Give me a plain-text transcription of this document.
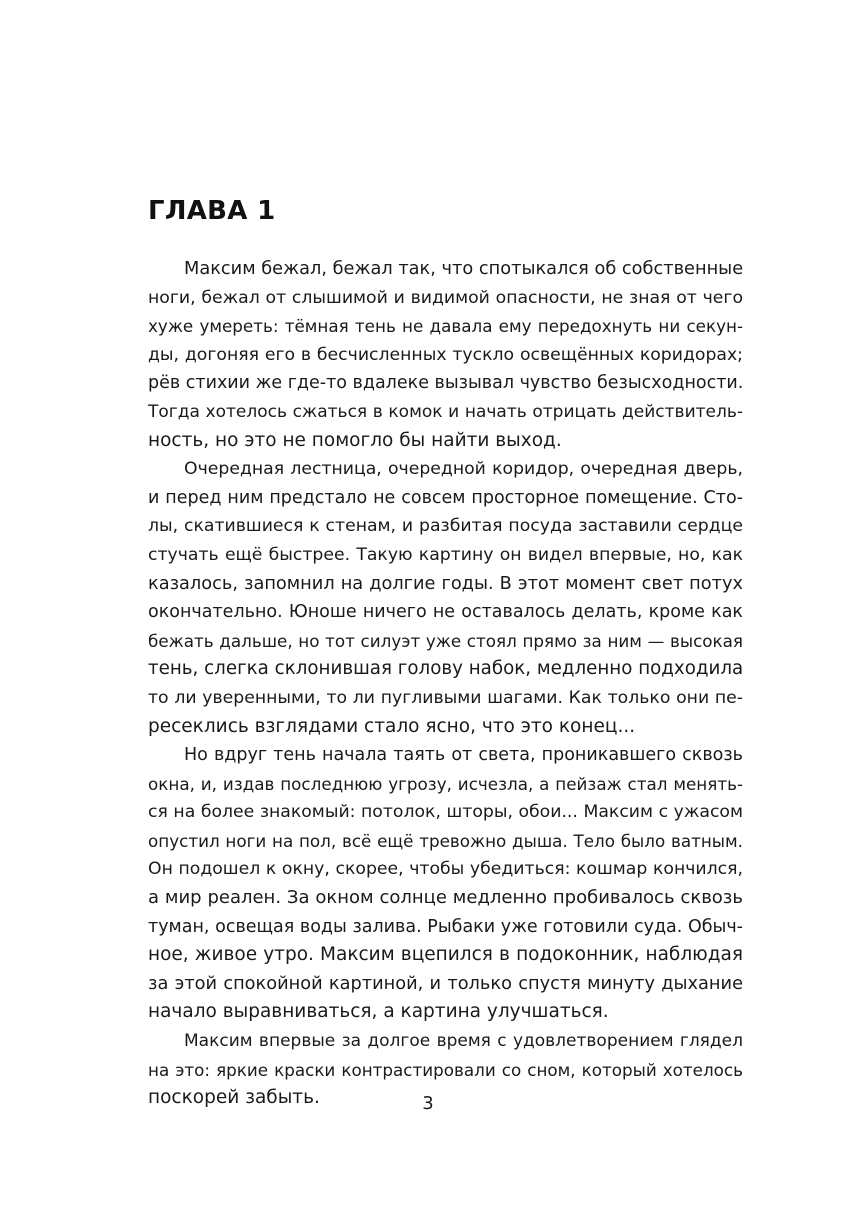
ГЛАВА 1
Максим бежал, бежал так, что спотыкался об собственные
ноги, бежал от слышимой и видимой опасности, не зная от чего
хуже умереть: тёмная тень не давала ему передохнуть ни секун-
ды, догоняя его в бесчисленных тускло освещённых коридорах;
рёв стихии же где-то вдалеке вызывал чувство безысходности.
Тогда хотелось сжаться в комок и начать отрицать действитель-
ность, но это не помогло бы найти выход.
Очередная лестница, очередной коридор, очередная дверь,
и перед ним предстало не совсем просторное помещение. Сто-
лы, скатившиеся к стенам, и разбитая посуда заставили сердце
стучать ещё быстрее. Такую картину он видел впервые, но, как
казалось, запомнил на долгие годы. В этот момент свет потух
окончательно. Юноше ничего не оставалось делать, кроме как
бежать дальше, но тот силуэт уже стоял прямо за ним — высокая
тень, слегка склонившая голову набок, медленно подходила
то ли уверенными, то ли пугливыми шагами. Как только они пе-
ресеклись взглядами стало ясно, что это конец...
Но вдруг тень начала таять от света, проникавшего сквозь
окна, и, издав последнюю угрозу, исчезла, а пейзаж стал менять-
ся на более знакомый: потолок, шторы, обои... Максим с ужасом
опустил ноги на пол, всё ещё тревожно дыша. Тело было ватным.
Он подошел к окну, скорее, чтобы убедиться: кошмар кончился,
а мир реален. За окном солнце медленно пробивалось сквозь
туман, освещая воды залива. Рыбаки уже готовили суда. Обыч-
ное, живое утро. Максим вцепился в подоконник, наблюдая
за этой спокойной картиной, и только спустя минуту дыхание
начало выравниваться, а картина улучшаться.
Максим впервые за долгое время с удовлетворением глядел
на это: яркие краски контрастировали со сном, который хотелось
поскорей забыть.	3
